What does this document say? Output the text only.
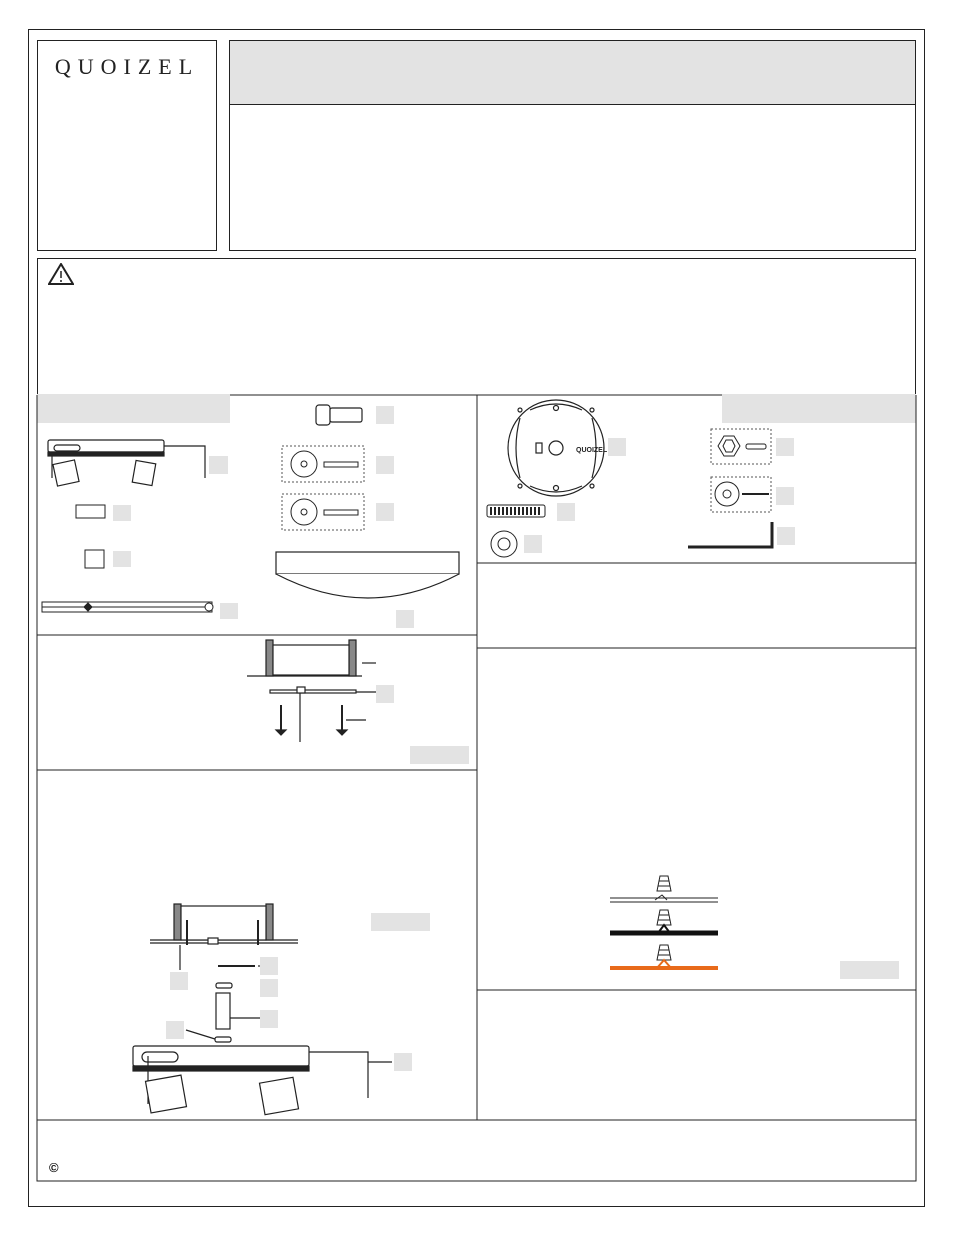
QUOIZEL
QUOIZEL
©
